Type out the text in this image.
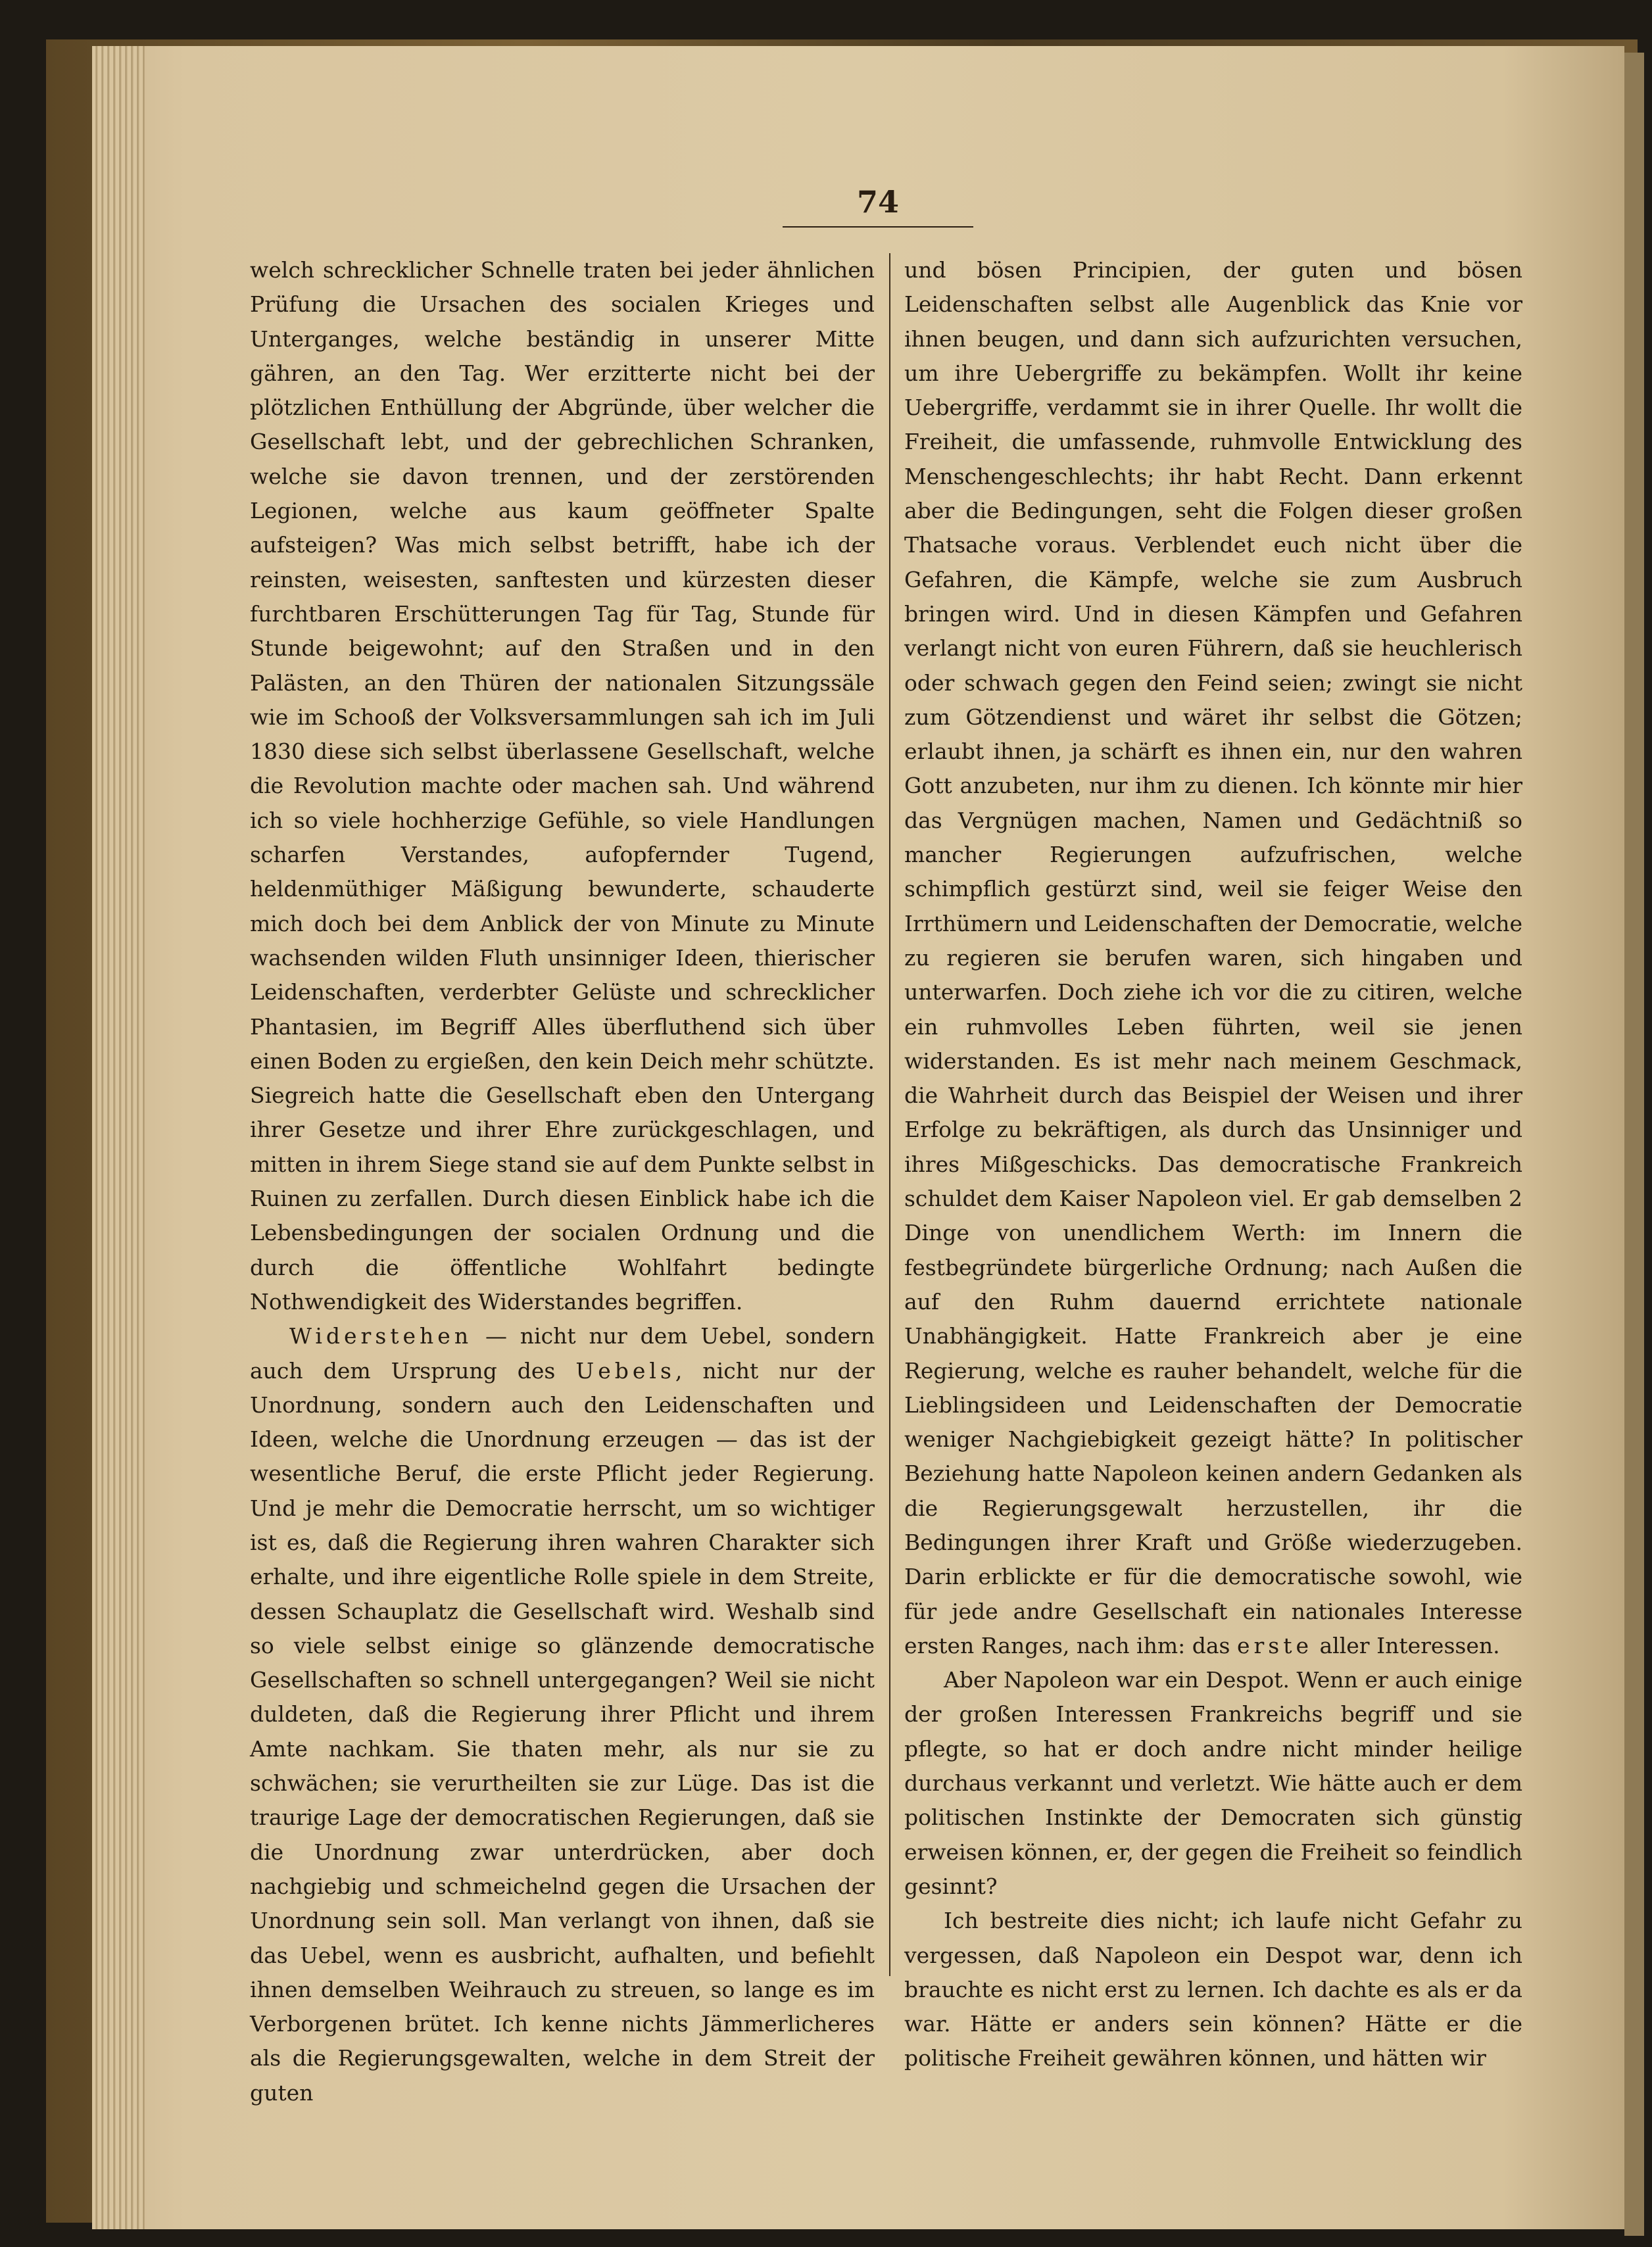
74

welch schrecklicher Schnelle traten bei jeder ähnlichen Prüfung die Ursachen des socialen Krieges und Unterganges, welche beständig in unserer Mitte gähren, an den Tag. Wer erzitterte nicht bei der plötzlichen Enthüllung der Abgründe, über welcher die Gesellschaft lebt, und der gebrechlichen Schranken, welche sie davon trennen, und der zerstörenden Legionen, welche aus kaum geöffneter Spalte aufsteigen? Was mich selbst betrifft, habe ich der reinsten, weisesten, sanftesten und kürzesten dieser furchtbaren Erschütterungen Tag für Tag, Stunde für Stunde beigewohnt; auf den Straßen und in den Palästen, an den Thüren der nationalen Sitzungssäle wie im Schooß der Volksversammlungen sah ich im Juli 1830 diese sich selbst überlassene Gesellschaft, welche die Revolution machte oder machen sah. Und während ich so viele hochherzige Gefühle, so viele Handlungen scharfen Verstandes, aufopfernder Tugend, heldenmüthiger Mäßigung bewunderte, schauderte mich doch bei dem Anblick der von Minute zu Minute wachsenden wilden Fluth unsinniger Ideen, thierischer Leidenschaften, verderbter Gelüste und schrecklicher Phantasien, im Begriff Alles überfluthend sich über einen Boden zu ergießen, den kein Deich mehr schützte. Siegreich hatte die Gesellschaft eben den Untergang ihrer Gesetze und ihrer Ehre zurückgeschlagen, und mitten in ihrem Siege stand sie auf dem Punkte selbst in Ruinen zu zerfallen. Durch diesen Einblick habe ich die Lebensbedingungen der socialen Ordnung und die durch die öffentliche Wohlfahrt bedingte Nothwendigkeit des Widerstandes begriffen.

Widerstehen — nicht nur dem Uebel, sondern auch dem Ursprung des Uebels, nicht nur der Unordnung, sondern auch den Leidenschaften und Ideen, welche die Unordnung erzeugen — das ist der wesentliche Beruf, die erste Pflicht jeder Regierung. Und je mehr die Democratie herrscht, um so wichtiger ist es, daß die Regierung ihren wahren Charakter sich erhalte, und ihre eigentliche Rolle spiele in dem Streite, dessen Schauplatz die Gesellschaft wird. Weshalb sind so viele selbst einige so glänzende democratische Gesellschaften so schnell untergegangen? Weil sie nicht duldeten, daß die Regierung ihrer Pflicht und ihrem Amte nachkam. Sie thaten mehr, als nur sie zu schwächen; sie verurtheilten sie zur Lüge. Das ist die traurige Lage der democratischen Regierungen, daß sie die Unordnung zwar unterdrücken, aber doch nachgiebig und schmeichelnd gegen die Ursachen der Unordnung sein soll. Man verlangt von ihnen, daß sie das Uebel, wenn es ausbricht, aufhalten, und befiehlt ihnen demselben Weihrauch zu streuen, so lange es im Verborgenen brütet. Ich kenne nichts Jämmerlicheres als die Regierungsgewalten, welche in dem Streit der guten

und bösen Principien, der guten und bösen Leidenschaften selbst alle Augenblick das Knie vor ihnen beugen, und dann sich aufzurichten versuchen, um ihre Uebergriffe zu bekämpfen. Wollt ihr keine Uebergriffe, verdammt sie in ihrer Quelle. Ihr wollt die Freiheit, die umfassende, ruhmvolle Entwicklung des Menschengeschlechts; ihr habt Recht. Dann erkennt aber die Bedingungen, seht die Folgen dieser großen Thatsache voraus. Verblendet euch nicht über die Gefahren, die Kämpfe, welche sie zum Ausbruch bringen wird. Und in diesen Kämpfen und Gefahren verlangt nicht von euren Führern, daß sie heuchlerisch oder schwach gegen den Feind seien; zwingt sie nicht zum Götzendienst und wäret ihr selbst die Götzen; erlaubt ihnen, ja schärft es ihnen ein, nur den wahren Gott anzubeten, nur ihm zu dienen. Ich könnte mir hier das Vergnügen machen, Namen und Gedächtniß so mancher Regierungen aufzufrischen, welche schimpflich gestürzt sind, weil sie feiger Weise den Irrthümern und Leidenschaften der Democratie, welche zu regieren sie berufen waren, sich hingaben und unterwarfen. Doch ziehe ich vor die zu citiren, welche ein ruhmvolles Leben führten, weil sie jenen widerstanden. Es ist mehr nach meinem Geschmack, die Wahrheit durch das Beispiel der Weisen und ihrer Erfolge zu bekräftigen, als durch das Unsinniger und ihres Mißgeschicks. Das democratische Frankreich schuldet dem Kaiser Napoleon viel. Er gab demselben 2 Dinge von unendlichem Werth: im Innern die festbegründete bürgerliche Ordnung; nach Außen die auf den Ruhm dauernd errichtete nationale Unabhängigkeit. Hatte Frankreich aber je eine Regierung, welche es rauher behandelt, welche für die Lieblingsideen und Leidenschaften der Democratie weniger Nachgiebigkeit gezeigt hätte? In politischer Beziehung hatte Napoleon keinen andern Gedanken als die Regierungsgewalt herzustellen, ihr die Bedingungen ihrer Kraft und Größe wiederzugeben. Darin erblickte er für die democratische sowohl, wie für jede andre Gesellschaft ein nationales Interesse ersten Ranges, nach ihm: das erste aller Interessen.

Aber Napoleon war ein Despot. Wenn er auch einige der großen Interessen Frankreichs begriff und sie pflegte, so hat er doch andre nicht minder heilige durchaus verkannt und verletzt. Wie hätte auch er dem politischen Instinkte der Democraten sich günstig erweisen können, er, der gegen die Freiheit so feindlich gesinnt?

Ich bestreite dies nicht; ich laufe nicht Gefahr zu vergessen, daß Napoleon ein Despot war, denn ich brauchte es nicht erst zu lernen. Ich dachte es als er da war. Hätte er anders sein können? Hätte er die politische Freiheit gewähren können, und hätten wir
